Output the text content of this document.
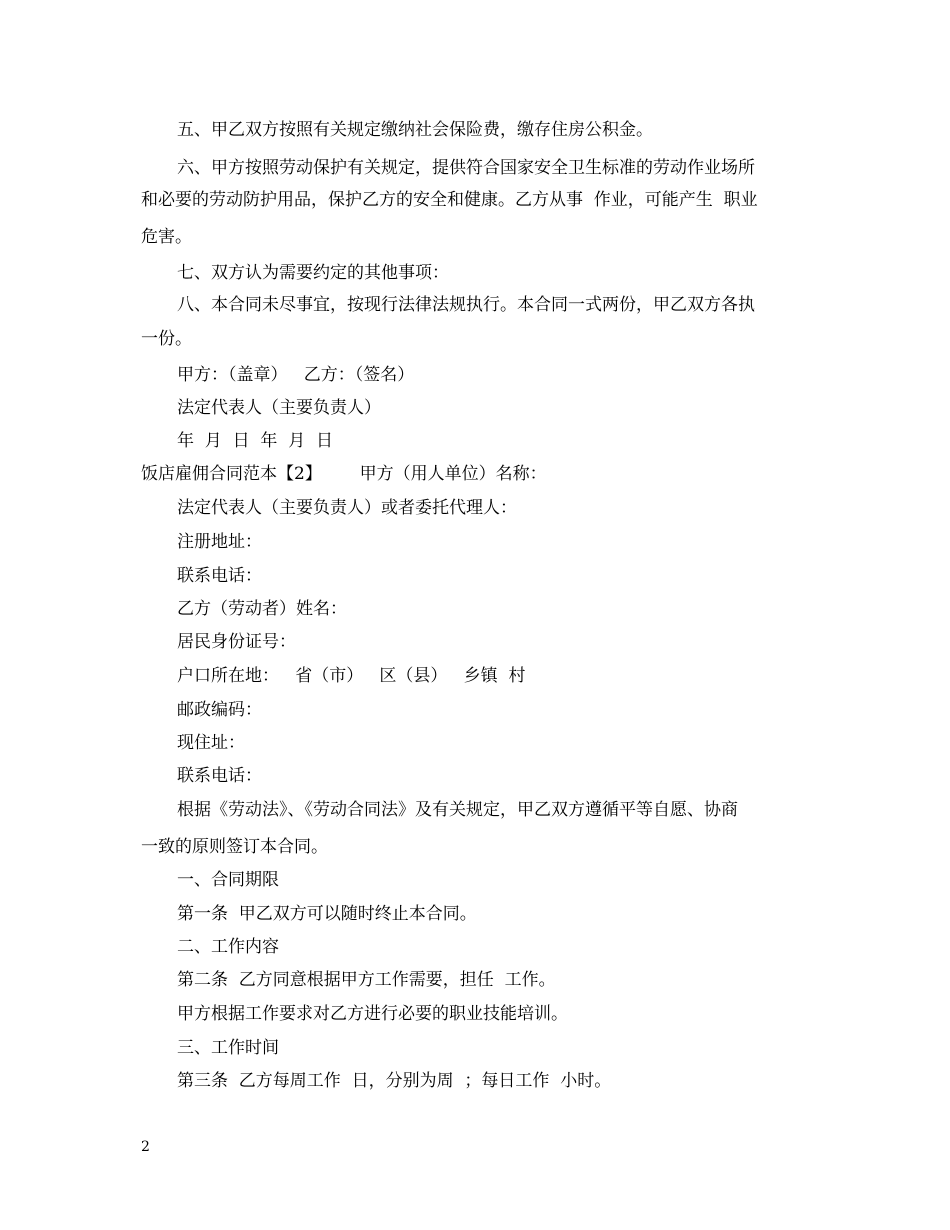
五、甲乙双方按照有关规定缴纳社会保险费，缴存住房公积金。
六、甲方按照劳动保护有关规定，提供符合国家安全卫生标准的劳动作业场所
和必要的劳动防护用品，保护乙方的安全和健康。乙方从事  作业，可能产生  职业
危害。
七、双方认为需要约定的其他事项：
八、本合同未尽事宜，按现行法律法规执行。本合同一式两份，甲乙双方各执
一份。
甲方：（盖章）   乙方：（签名）
法定代表人（主要负责人）
年  月  日  年  月  日
饭店雇佣合同范本【2】       甲方（用人单位）名称：
法定代表人（主要负责人）或者委托代理人：
注册地址：
联系电话：
乙方（劳动者）姓名：
居民身份证号：
户口所在地：   省（市）   区（县）   乡镇  村
邮政编码：
现住址：
联系电话：
根据《劳动法》、《劳动合同法》及有关规定，甲乙双方遵循平等自愿、协商
一致的原则签订本合同。
一、合同期限
第一条  甲乙双方可以随时终止本合同。
二、工作内容
第二条  乙方同意根据甲方工作需要，担任  工作。
甲方根据工作要求对乙方进行必要的职业技能培训。
三、工作时间
第三条  乙方每周工作  日，分别为周  ；每日工作  小时。
2
